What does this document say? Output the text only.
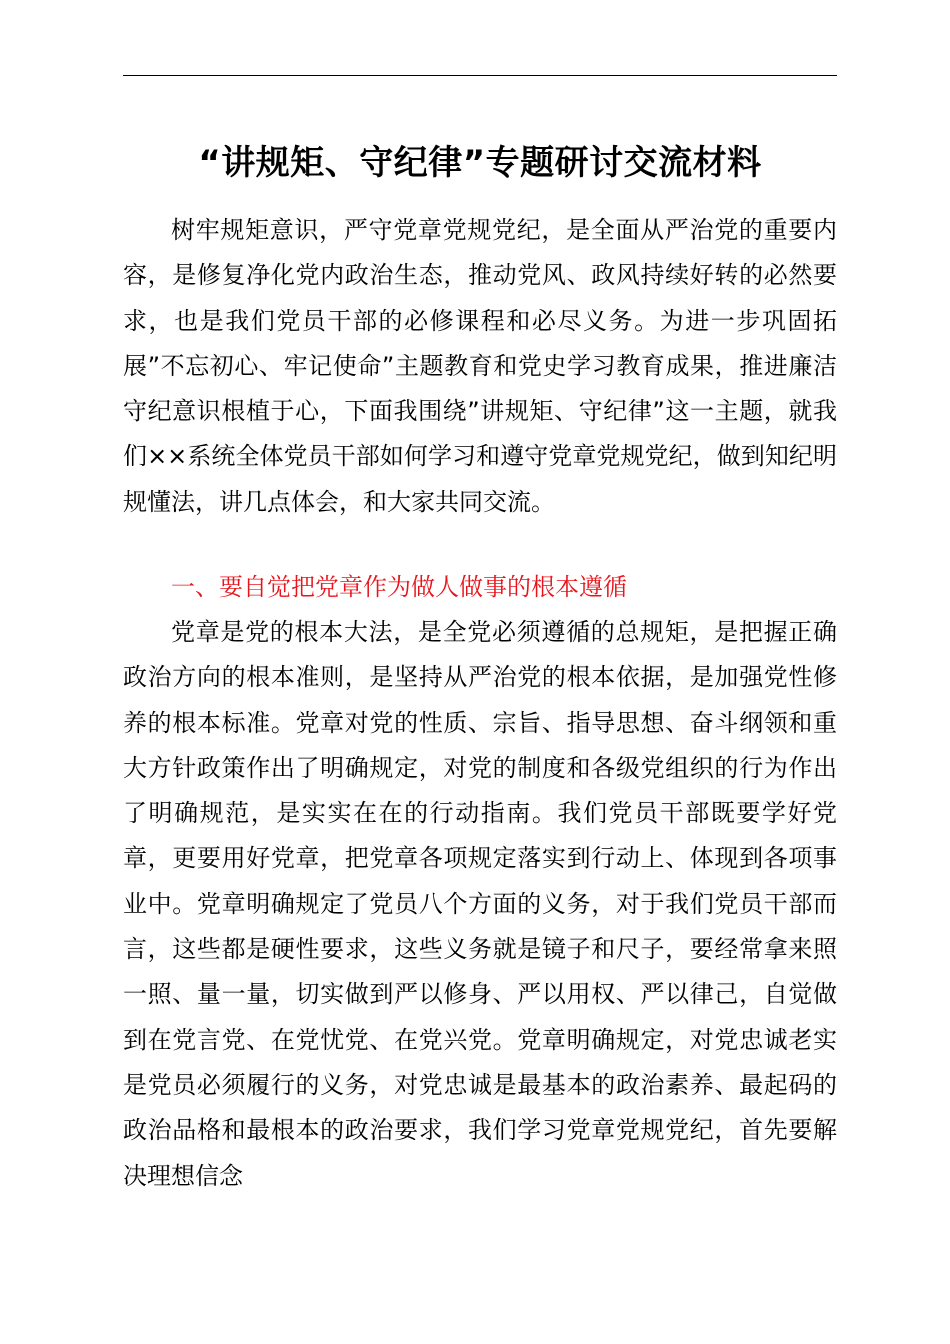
“讲规矩、守纪律”专题研讨交流材料

树牢规矩意识，严守党章党规党纪，是全面从严治党的重要内容，是修复净化党内政治生态，推动党风、政风持续好转的必然要求，也是我们党员干部的必修课程和必尽义务。为进一步巩固拓展”不忘初心、牢记使命”主题教育和党史学习教育成果，推进廉洁守纪意识根植于心，下面我围绕”讲规矩、守纪律”这一主题，就我们××系统全体党员干部如何学习和遵守党章党规党纪，做到知纪明规懂法，讲几点体会，和大家共同交流。

一、要自觉把党章作为做人做事的根本遵循

党章是党的根本大法，是全党必须遵循的总规矩，是把握正确政治方向的根本准则，是坚持从严治党的根本依据，是加强党性修养的根本标准。党章对党的性质、宗旨、指导思想、奋斗纲领和重大方针政策作出了明确规定，对党的制度和各级党组织的行为作出了明确规范，是实实在在的行动指南。我们党员干部既要学好党章，更要用好党章，把党章各项规定落实到行动上、体现到各项事业中。党章明确规定了党员八个方面的义务，对于我们党员干部而言，这些都是硬性要求，这些义务就是镜子和尺子，要经常拿来照一照、量一量，切实做到严以修身、严以用权、严以律己，自觉做到在党言党、在党忧党、在党兴党。党章明确规定，对党忠诚老实是党员必须履行的义务，对党忠诚是最基本的政治素养、最起码的政治品格和最根本的政治要求，我们学习党章党规党纪，首先要解决理想信念
